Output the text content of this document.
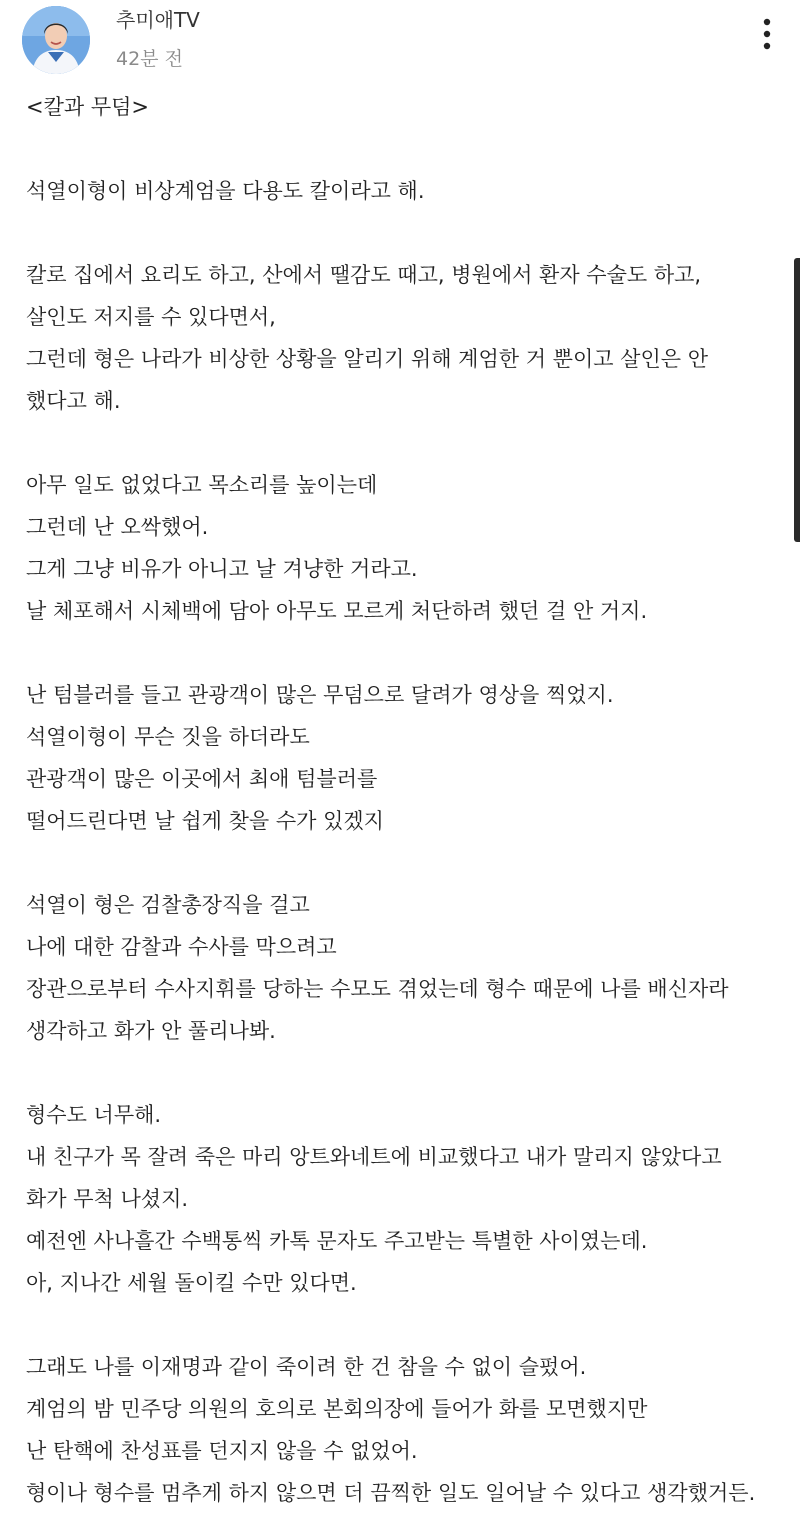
추미애TV
42분 전
<칼과 무덤>
석열이형이 비상계엄을 다용도 칼이라고 해.
칼로 집에서 요리도 하고, 산에서 땔감도 때고, 병원에서 환자 수술도 하고,
살인도 저지를 수 있다면서,
그런데 형은 나라가 비상한 상황을 알리기 위해 계엄한 거 뿐이고 살인은 안
했다고 해.
아무 일도 없었다고 목소리를 높이는데
그런데 난 오싹했어.
그게 그냥 비유가 아니고 날 겨냥한 거라고.
날 체포해서 시체백에 담아 아무도 모르게 처단하려 했던 걸 안 거지.
난 텀블러를 들고 관광객이 많은 무덤으로 달려가 영상을 찍었지.
석열이형이 무슨 짓을 하더라도
관광객이 많은 이곳에서 최애 텀블러를
떨어드린다면 날 쉽게 찾을 수가 있겠지
석열이 형은 검찰총장직을 걸고
나에 대한 감찰과 수사를 막으려고
장관으로부터 수사지휘를 당하는 수모도 겪었는데 형수 때문에 나를 배신자라
생각하고 화가 안 풀리나봐.
형수도 너무해.
내 친구가 목 잘려 죽은 마리 앙트와네트에 비교했다고 내가 말리지 않았다고
화가 무척 나셨지.
예전엔 사나흘간 수백통씩 카톡 문자도 주고받는 특별한 사이였는데.
아, 지나간 세월 돌이킬 수만 있다면.
그래도 나를 이재명과 같이 죽이려 한 건 참을 수 없이 슬펐어.
계엄의 밤 민주당 의원의 호의로 본회의장에 들어가 화를 모면했지만
난 탄핵에 찬성표를 던지지 않을 수 없었어.
형이나 형수를 멈추게 하지 않으면 더 끔찍한 일도 일어날 수 있다고 생각했거든.
